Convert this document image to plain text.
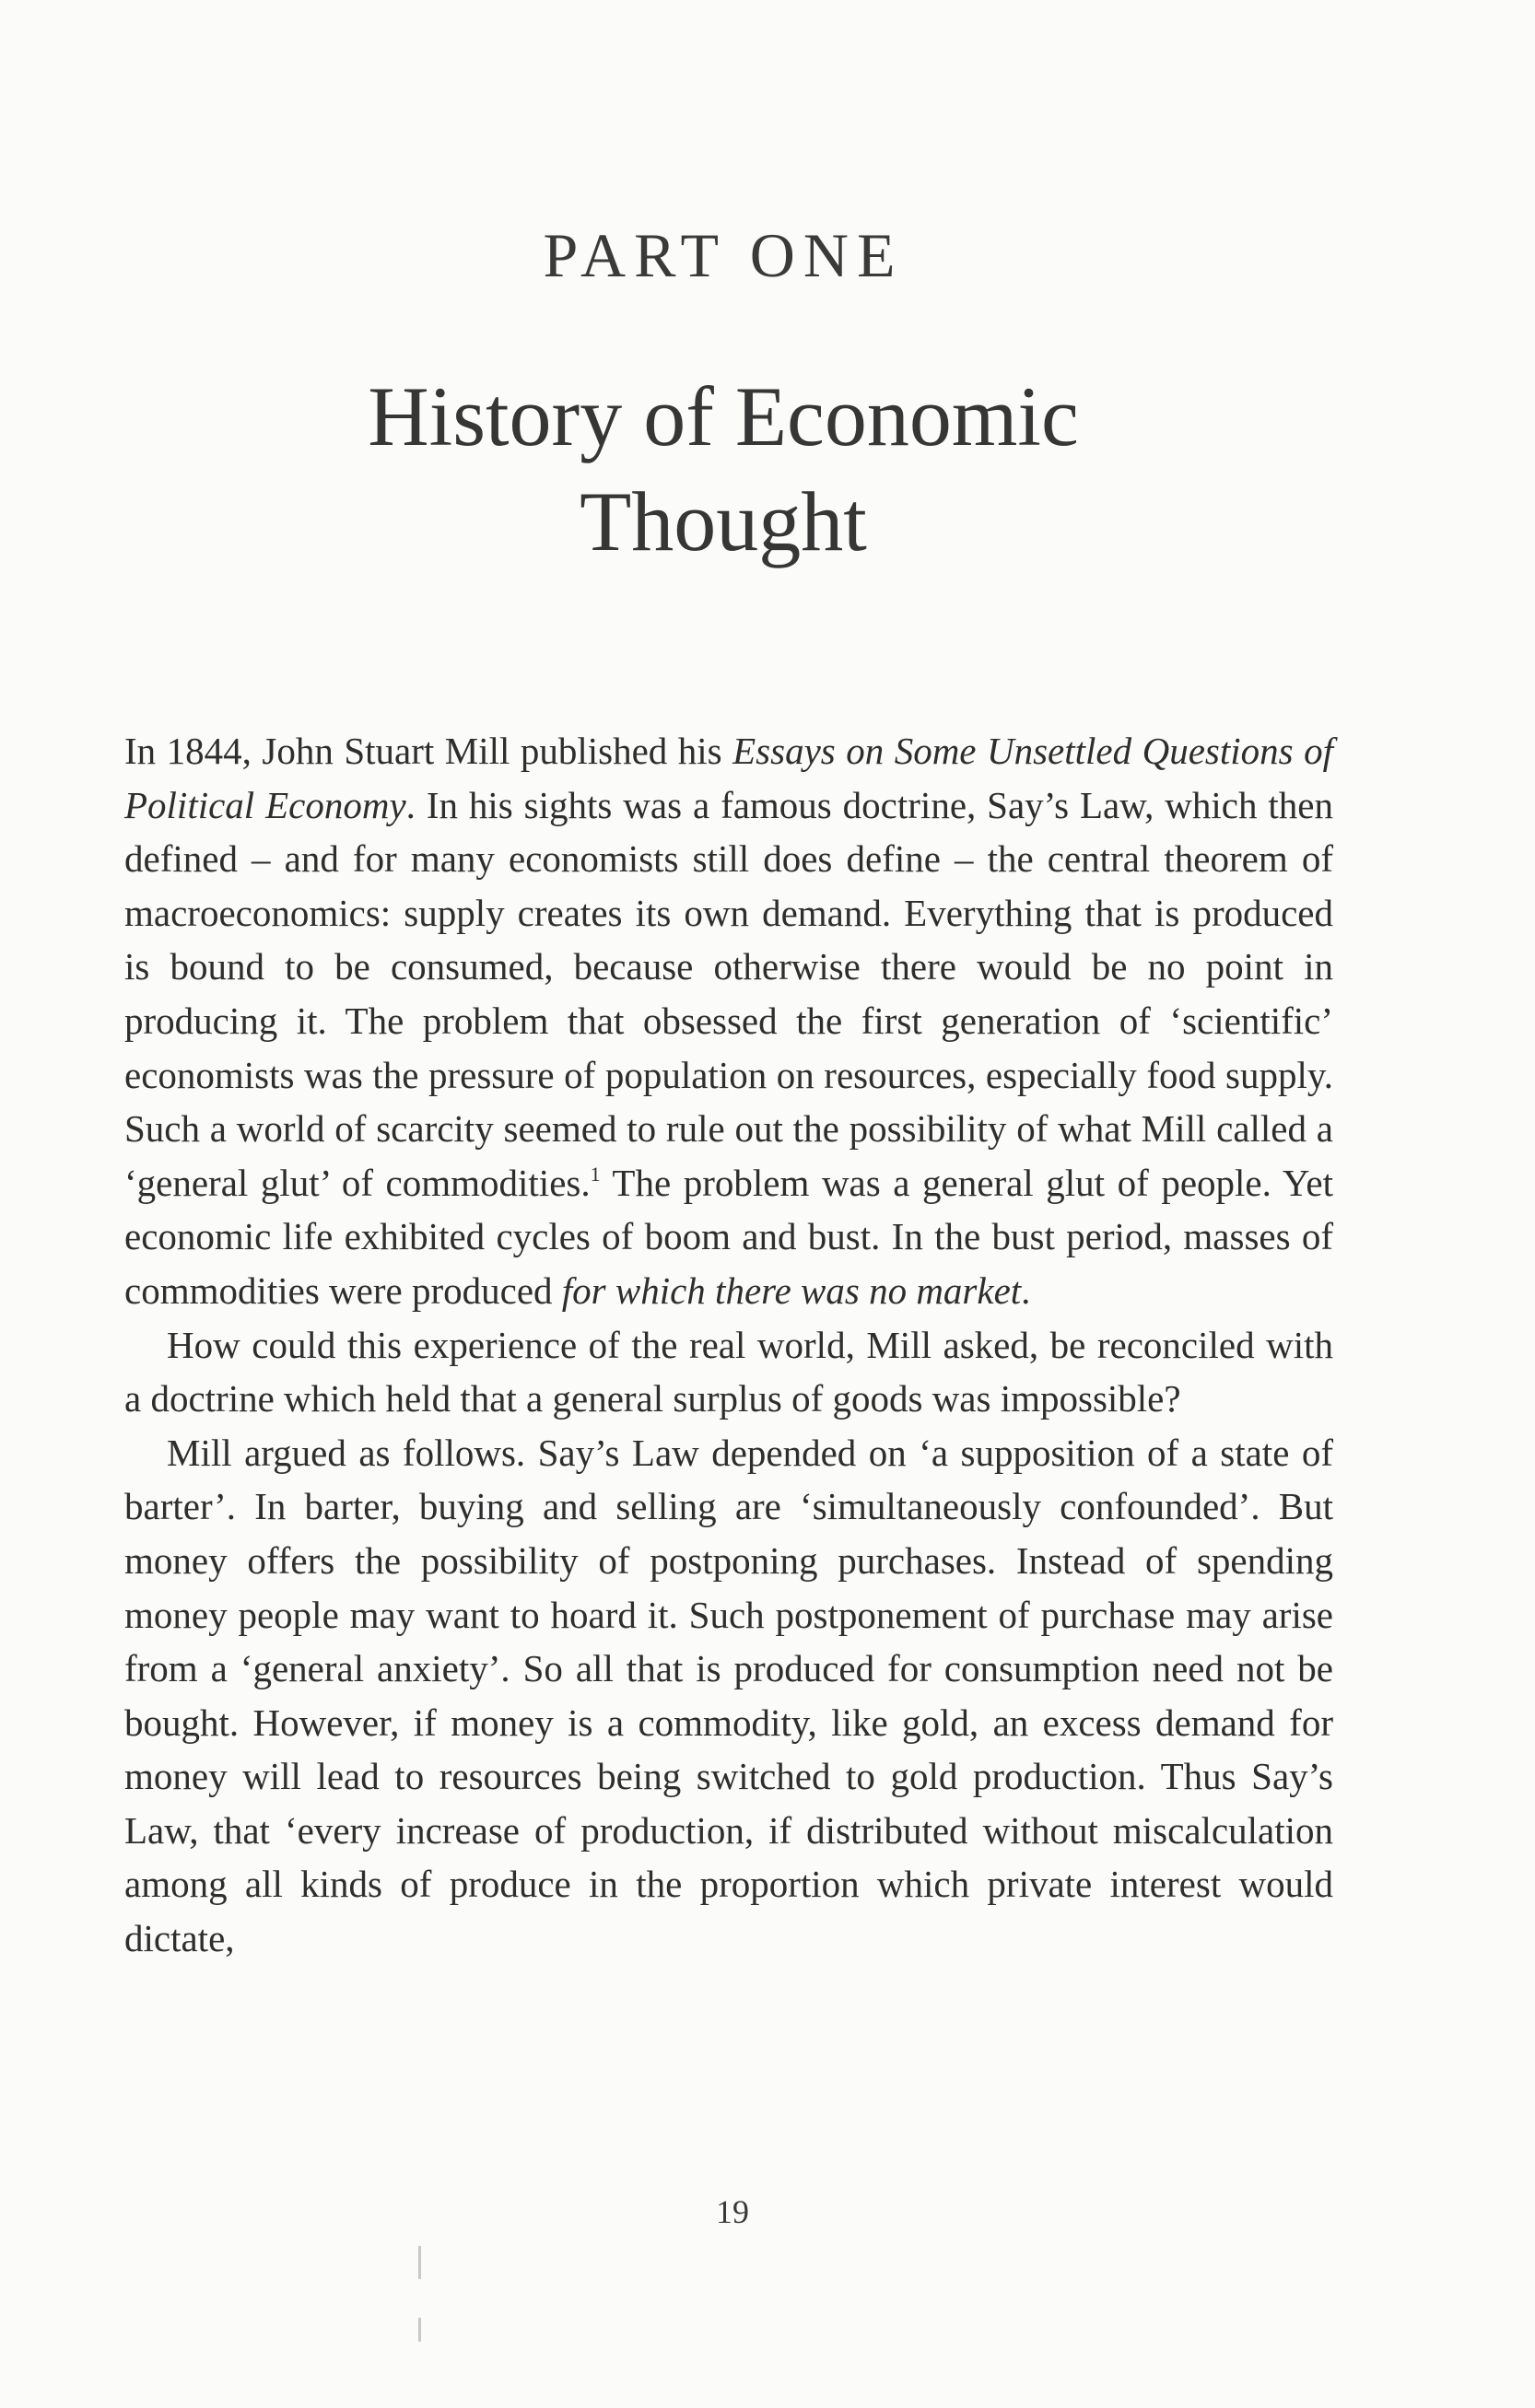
PART ONE
History of Economic
Thought

In 1844, John Stuart Mill published his Essays on Some Unsettled Questions of Political Economy. In his sights was a famous doctrine, Say’s Law, which then defined – and for many economists still does define – the central theorem of macroeconomics: supply creates its own demand. Everything that is produced is bound to be consumed, because otherwise there would be no point in producing it. The problem that obsessed the first generation of ‘scientific’ economists was the pressure of population on resources, especially food supply. Such a world of scarcity seemed to rule out the possibility of what Mill called a ‘general glut’ of commodities.$^1$ The problem was a general glut of people. Yet economic life exhibited cycles of boom and bust. In the bust period, masses of commodities were produced for which there was no market.

How could this experience of the real world, Mill asked, be reconciled with a doctrine which held that a general surplus of goods was impossible?

Mill argued as follows. Say’s Law depended on ‘a supposition of a state of barter’. In barter, buying and selling are ‘simultaneously confounded’. But money offers the possibility of postponing purchases. Instead of spending money people may want to hoard it. Such postponement of purchase may arise from a ‘general anxiety’. So all that is produced for consumption need not be bought. However, if money is a commodity, like gold, an excess demand for money will lead to resources being switched to gold production. Thus Say’s Law, that ‘every increase of production, if distributed without miscalculation among all kinds of produce in the proportion which private interest would dictate,

19
